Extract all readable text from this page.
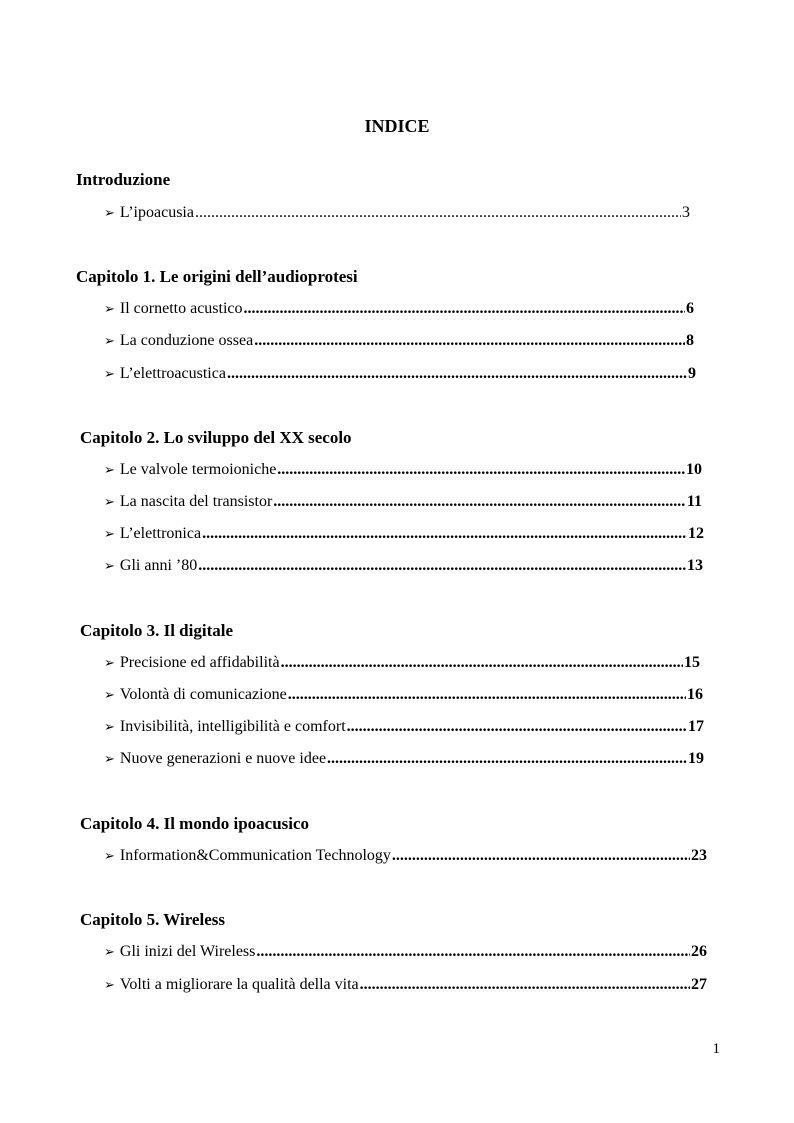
INDICE
Introduzione
➢ L’ipoacusia .....	3
Capitolo 1. Le origini dell’audioprotesi
➢ Il cornetto acustico .....	6
➢ La conduzione ossea .....	8
➢ L’elettroacustica .....	9
Capitolo 2. Lo sviluppo del XX secolo
➢ Le valvole termoioniche .....	10
➢ La nascita del transistor .....	11
➢ L’elettronica .....	12
➢ Gli anni ’80 .....	13
Capitolo 3. Il digitale
➢ Precisione ed affidabilità .....	15
➢ Volontà di comunicazione .....	16
➢ Invisibilità, intelligibilità e comfort .....	17
➢ Nuove generazioni e nuove idee .....	19
Capitolo 4. Il mondo ipoacusico
➢ Information&Communication Technology .....	23
Capitolo 5. Wireless
➢ Gli inizi del Wireless .....	26
➢ Volti a migliorare la qualità della vita .....	27
1
